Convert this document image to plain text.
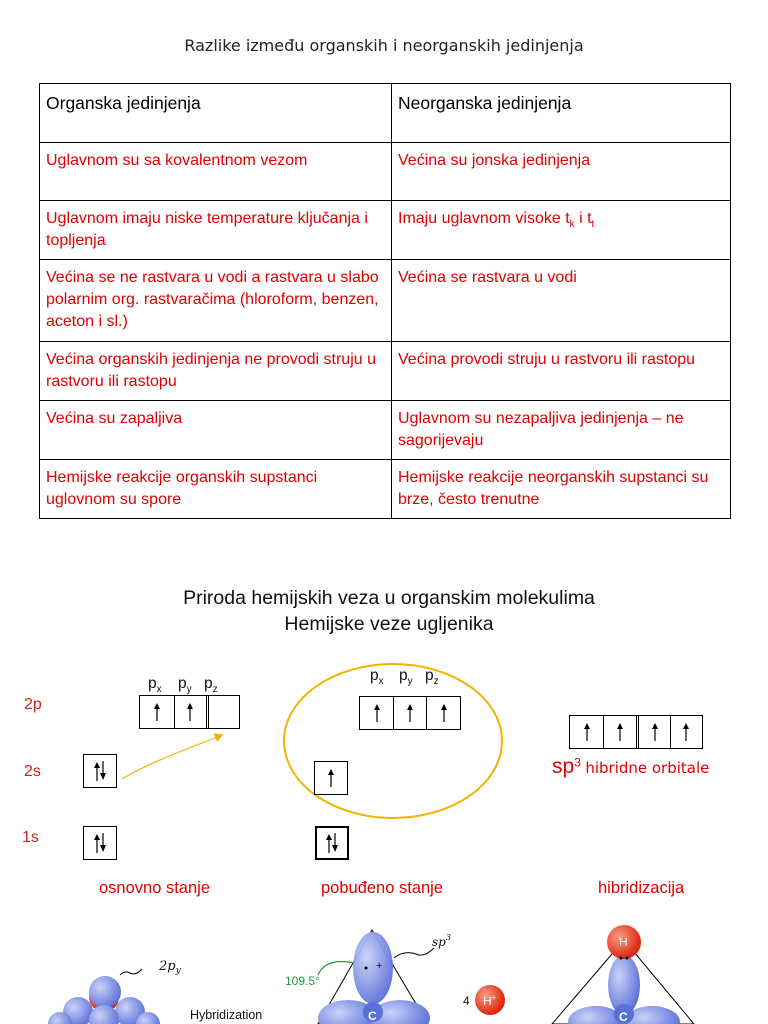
Razlike između organskih i neorganskih jedinjenja
Organska jedinjenja	Neorganska jedinjenja
Uglavnom su sa kovalentnom vezom	Većina su jonska jedinjenja
Uglavnom imaju niske temperature ključanja i topljenja	Imaju uglavnom visoke $t_k$ i $t_t$
Većina se ne rastvara u vodi a rastvara u slabo polarnim org. rastvaračima (hloroform, benzen, aceton i sl.)	Većina se rastvara u vodi
Većina organskih jedinjenja ne provodi struju u rastvoru ili rastopu	Većina provodi struju u rastvoru ili rastopu
Većina su zapaljiva	Uglavnom su nezapaljiva jedinjenja – ne sagorijevaju
Hemijske reakcije organskih supstanci uglovnom su spore	Hemijske reakcije neorganskih supstanci su brze, često trenutne
Priroda hemijskih veza u organskim molekulima
Hemijske veze ugljenika
2p
2s
1s
$2p_y$
Hybridization
109.5°
$sp^3$
+
C
4 H+
H
C
$p_x$ $p_y$ $p_z$
$p_x$ $p_y$ $p_z$
$sp^3$ hibridne orbitale
osnovno stanje	pobuđeno stanje	hibridizacija
